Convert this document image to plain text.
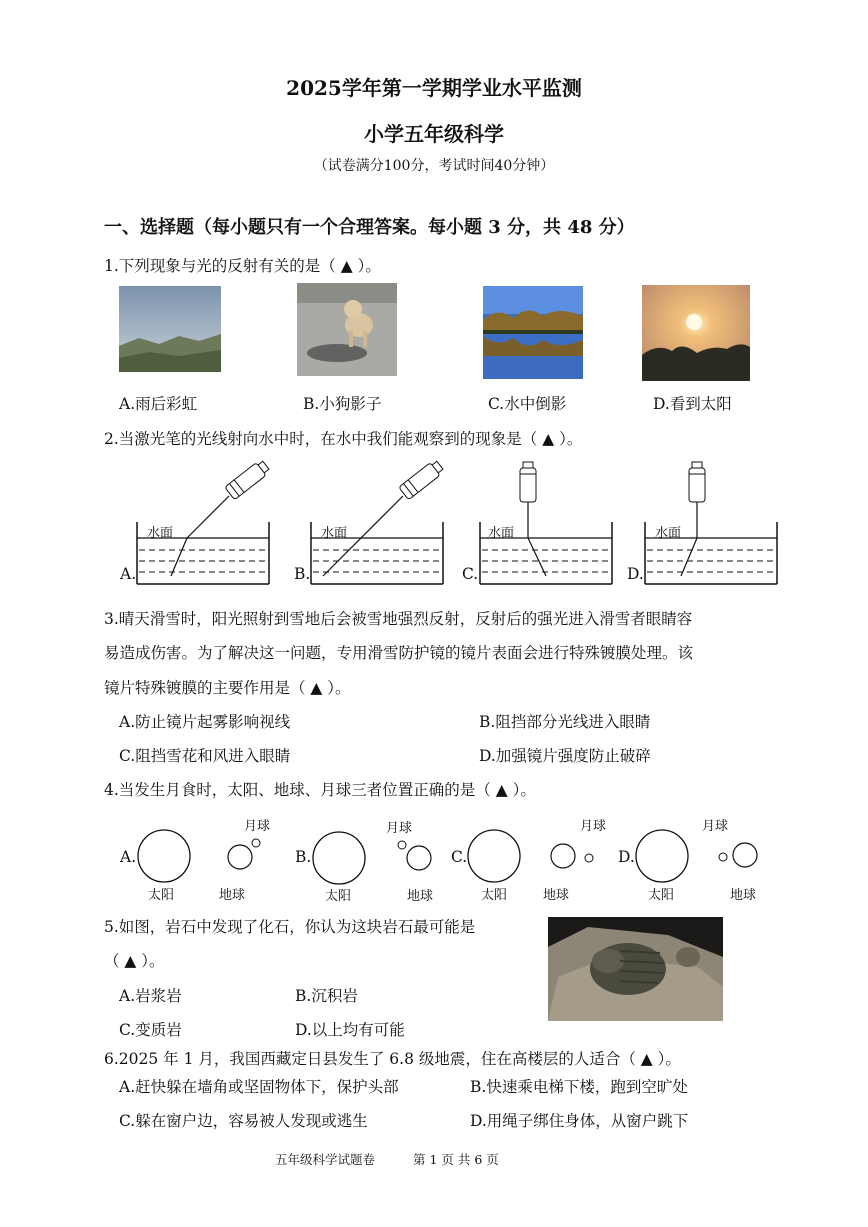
2025学年第一学期学业水平监测
小学五年级科学
（试卷满分100分，考试时间40分钟）
一、选择题（每小题只有一个合理答案。每小题 3 分，共 48 分）
1.下列现象与光的反射有关的是（ ▲ ）。
A.雨后彩虹	B.小狗影子	C.水中倒影	D.看到太阳
2.当激光笔的光线射向水中时，在水中我们能观察到的现象是（ ▲ ）。
水面
A.
水面
B.
水面
C.
水面
D.
3.晴天滑雪时，阳光照射到雪地后会被雪地强烈反射，反射后的强光进入滑雪者眼睛容
易造成伤害。为了解决这一问题，专用滑雪防护镜的镜片表面会进行特殊镀膜处理。该
镜片特殊镀膜的主要作用是（ ▲ ）。
A.防止镜片起雾影响视线	B.阻挡部分光线进入眼睛
C.阻挡雪花和风进入眼睛	D.加强镜片强度防止破碎
4.当发生月食时，太阳、地球、月球三者位置正确的是（ ▲ ）。
A.
月球
太阳	地球
B.
月球
太阳	地球
C.
月球
太阳	地球
D.
月球
太阳	地球
5.如图，岩石中发现了化石，你认为这块岩石最可能是
（ ▲ ）。
A.岩浆岩	B.沉积岩
C.变质岩	D.以上均有可能
6.2025 年 1 月，我国西藏定日县发生了 6.8 级地震，住在高楼层的人适合（ ▲ ）。
A.赶快躲在墙角或坚固物体下，保护头部	B.快速乘电梯下楼，跑到空旷处
C.躲在窗户边，容易被人发现或逃生	D.用绳子绑住身体，从窗户跳下
五年级科学试题卷	第 1 页 共 6 页
